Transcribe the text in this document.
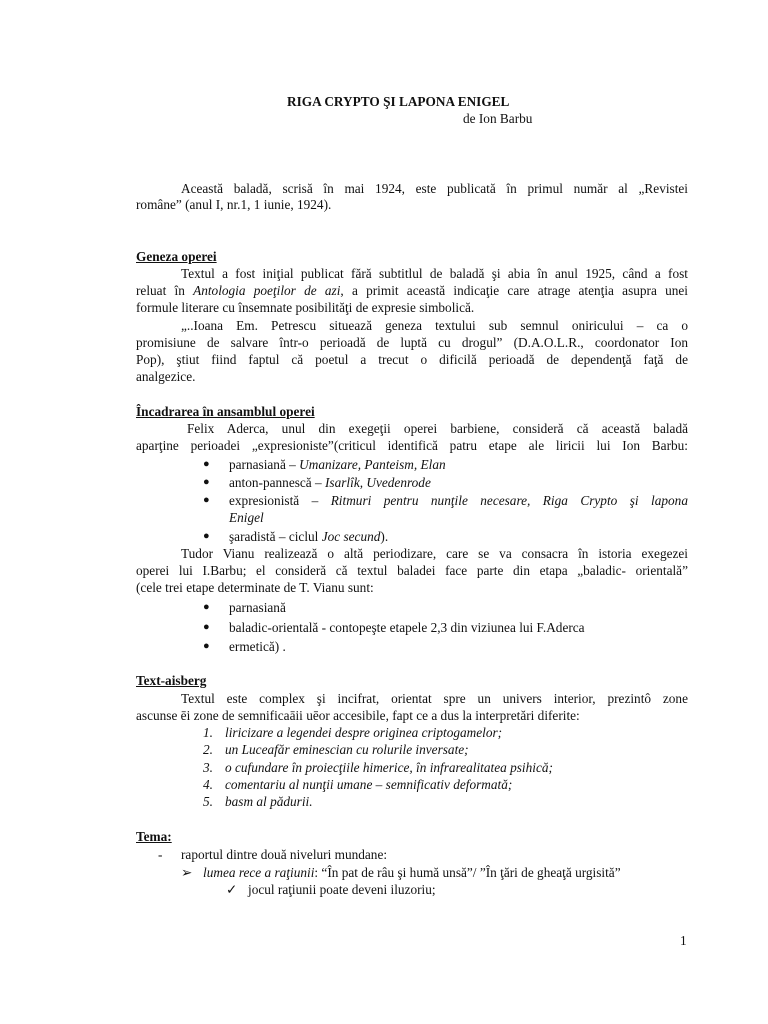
RIGA CRYPTO ŞI LAPONA ENIGEL
de Ion Barbu
Această baladă, scrisă în mai 1924, este publicată în primul număr al „Revistei
române” (anul I, nr.1, 1 iunie, 1924).
Geneza operei
Textul a fost iniţial publicat fără subtitlul de baladă şi abia în anul 1925, când a fost
reluat în Antologia poeţilor de azi, a primit această indicaţie care atrage atenţia asupra unei
formule literare cu însemnate posibilităţi de expresie simbolică.
„..Ioana Em. Petrescu situează geneza textului sub semnul oniricului – ca o
promisiune de salvare într-o perioadă de luptă cu drogul” (D.A.O.L.R., coordonator Ion
Pop), ştiut fiind faptul că poetul a trecut o dificilă perioadă de dependenţă faţă de
analgezice.
Încadrarea în ansamblul operei
Felix Aderca, unul din exegeţii operei barbiene, consideră că această baladă
aparţine perioadei „expresioniste”(criticul identifică patru etape ale liricii lui Ion Barbu:
● parnasiană – Umanizare, Panteism, Elan
● anton-pannescă – Isarlîk, Uvedenrode
● expresionistă – Ritmuri pentru nunţile necesare, Riga Crypto şi lapona
Enigel
● şaradistă – ciclul Joc secund).
Tudor Vianu realizează o altă periodizare, care se va consacra în istoria exegezei
operei lui I.Barbu; el consideră că textul baladei face parte din etapa „baladic- orientală”
(cele trei etape determinate de T. Vianu sunt:
● parnasiană
● baladic-orientală - contopeşte etapele 2,3 din viziunea lui F.Aderca
● ermetică) .
Text-aisberg
Textul este complex şi incifrat, orientat spre un univers interior, prezintô zone
ascunse ēi zone de semnificaāii uēor accesibile, fapt ce a dus la interpretări diferite:
1. liricizare a legendei despre originea criptogamelor;
2. un Luceafăr eminescian cu rolurile inversate;
3. o cufundare în proiecţiile himerice, în infrarealitatea psihică;
4. comentariu al nunţii umane – semnificativ deformată;
5. basm al pădurii.
Tema:
- raportul dintre două niveluri mundane:
➢ lumea rece a raţiunii: “În pat de râu şi humă unsă”/ ”În ţări de gheaţă urgisită”
✓ jocul raţiunii poate deveni iluzoriu;
1
